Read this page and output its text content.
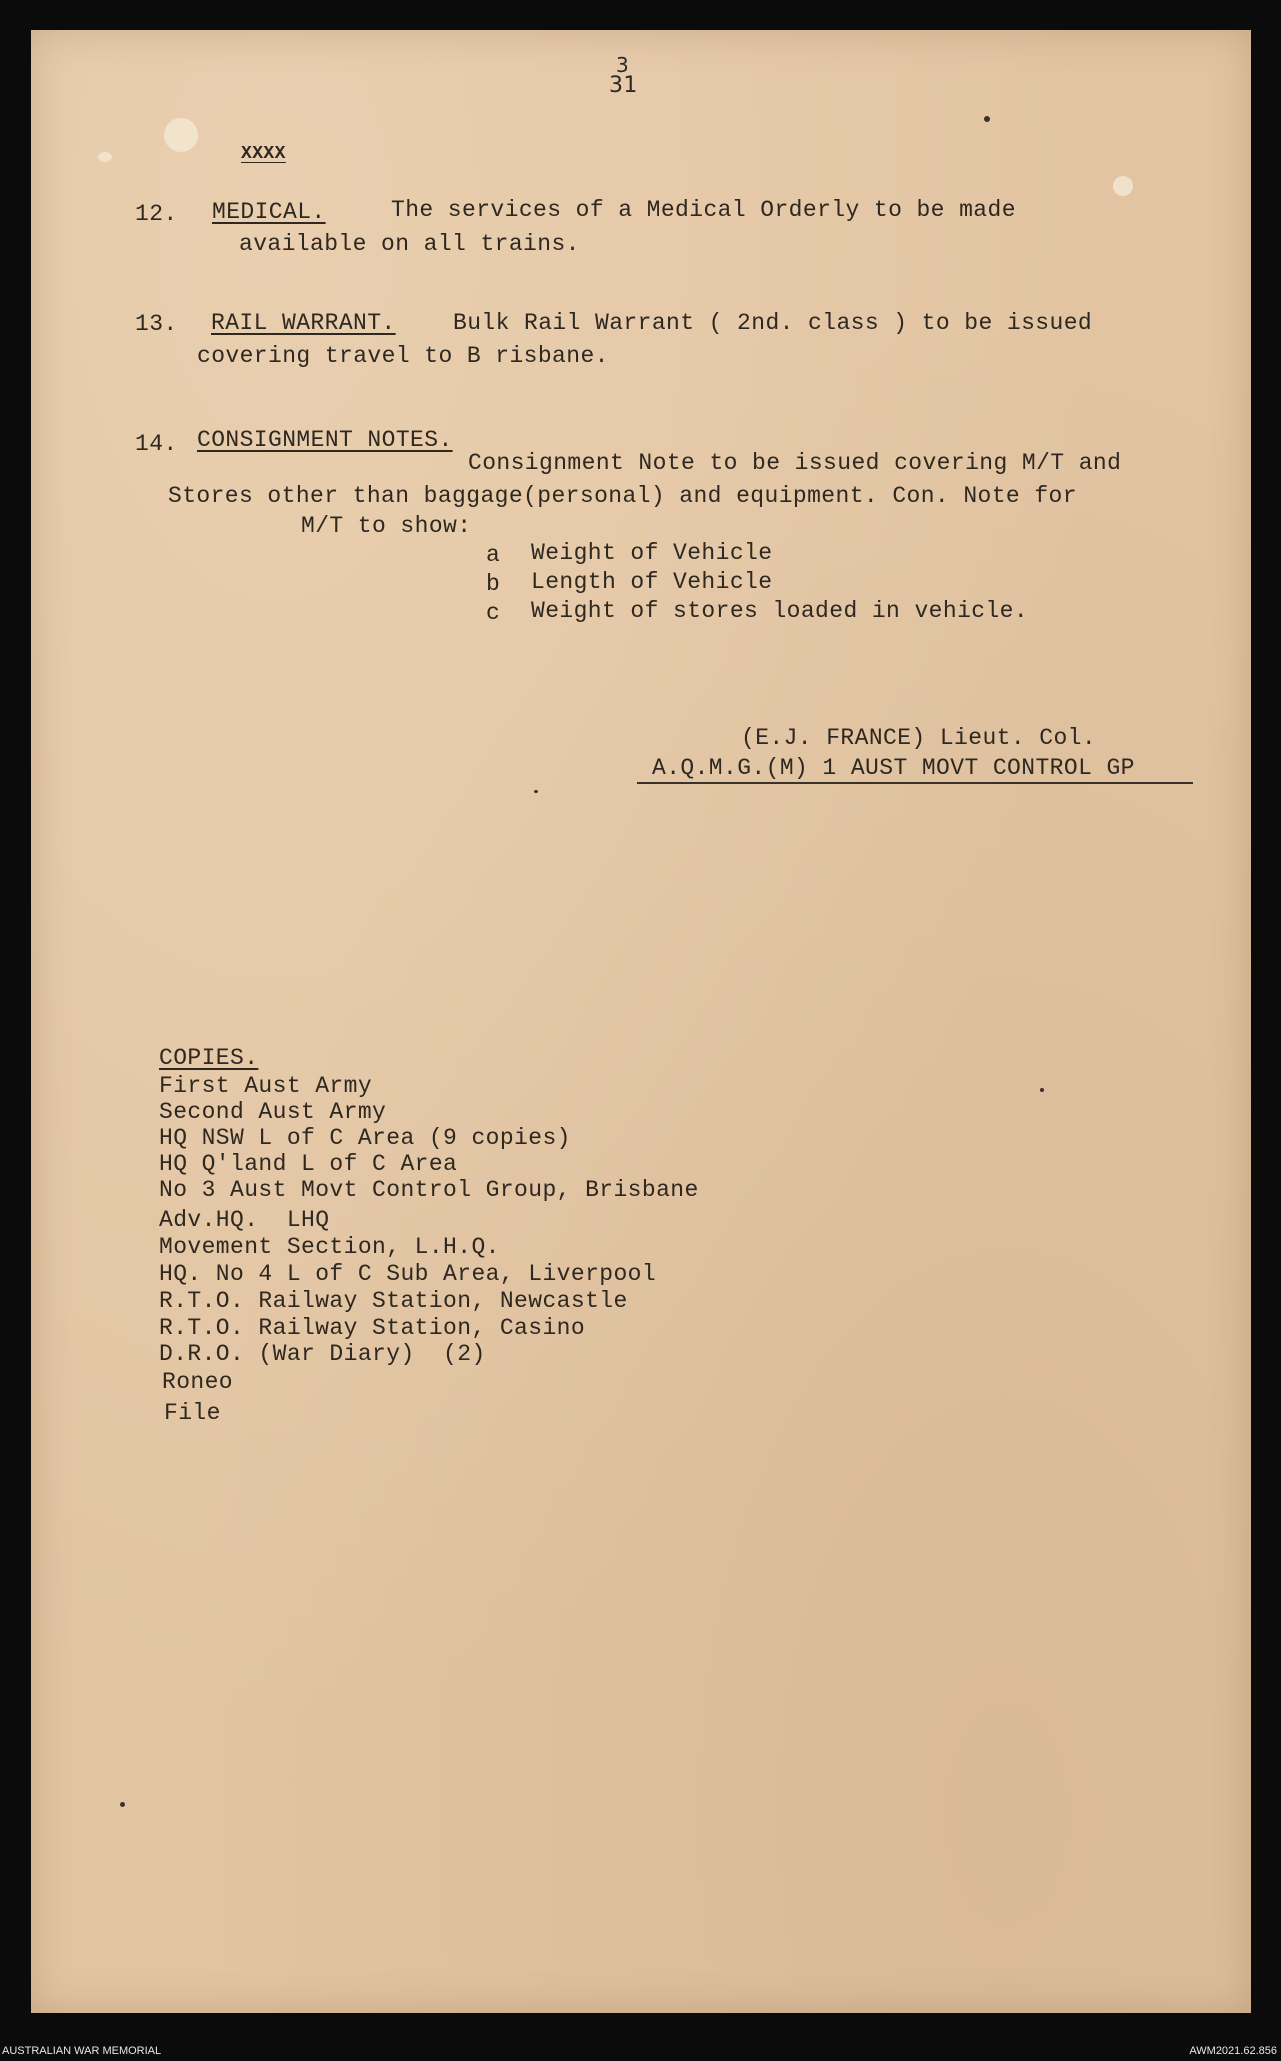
3
31
XXXX
12. MEDICAL.	The services of a Medical Orderly to be made
available on all trains.
13. RAIL WARRANT. Bulk Rail Warrant ( 2nd. class ) to be issued
covering travel to B risbane.
14. CONSIGNMENT NOTES.
Consignment Note to be issued covering M/T and
Stores other than baggage(personal) and equipment. Con. Note for
M/T to show:
a Weight of Vehicle
b Length of Vehicle
c Weight of stores loaded in vehicle.
(E.J. FRANCE) Lieut. Col.
A.Q.M.G.(M) 1 AUST MOVT CONTROL GP
COPIES.
First Aust Army
Second Aust Army
HQ NSW L of C Area (9 copies)
HQ Q'land L of C Area
No 3 Aust Movt Control Group, Brisbane
Adv.HQ.  LHQ
Movement Section, L.H.Q.
HQ. No 4 L of C Sub Area, Liverpool
R.T.O. Railway Station, Newcastle
R.T.O. Railway Station, Casino
D.R.O. (War Diary)  (2)
Roneo
File
AUSTRALIAN WAR MEMORIAL	AWM2021.62.856
